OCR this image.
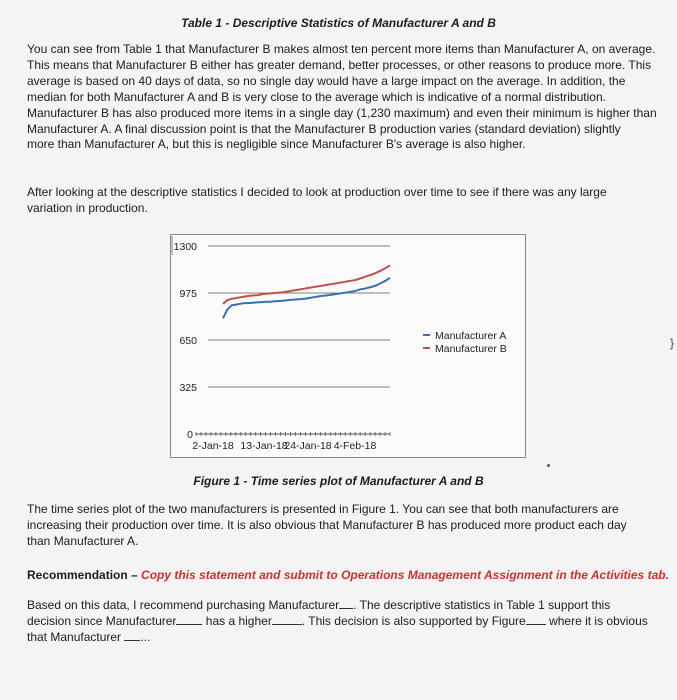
Table 1 - Descriptive Statistics of Manufacturer A and B

You can see from Table 1 that Manufacturer B makes almost ten percent more items than Manufacturer A, on average.

This means that Manufacturer B either has greater demand, better processes, or other reasons to produce more. This

average is based on 40 days of data, so no single day would have a large impact on the average. In addition, the

median for both Manufacturer A and B is very close to the average which is indicative of a normal distribution.

Manufacturer B has also produced more items in a single day (1,230 maximum) and even their minimum is higher than

Manufacturer A. A final discussion point is that the Manufacturer B production varies (standard deviation) slightly

more than Manufacturer A, but this is negligible since Manufacturer B's average is also higher.

After looking at the descriptive statistics I decided to look at production over time to see if there was any large

variation in production.

1300
975
650
325
0
2-Jan-18 13-Jan-18
24-Jan-18 4-Feb-18
Manufacturer A
Manufacturer B
Figure 1 - Time series plot of Manufacturer A and B

The time series plot of the two manufacturers is presented in Figure 1. You can see that both manufacturers are

increasing their production over time. It is also obvious that Manufacturer B has produced more product each day

than Manufacturer A.

Recommendation – Copy this statement and submit to Operations Management Assignment in the Activities tab.

Based on this data, I recommend purchasing Manufacturer . The descriptive statistics in Table 1 support this

decision since Manufacturer has a higher	. This decision is also supported by Figure where it is obvious

that Manufacturer ...

}
